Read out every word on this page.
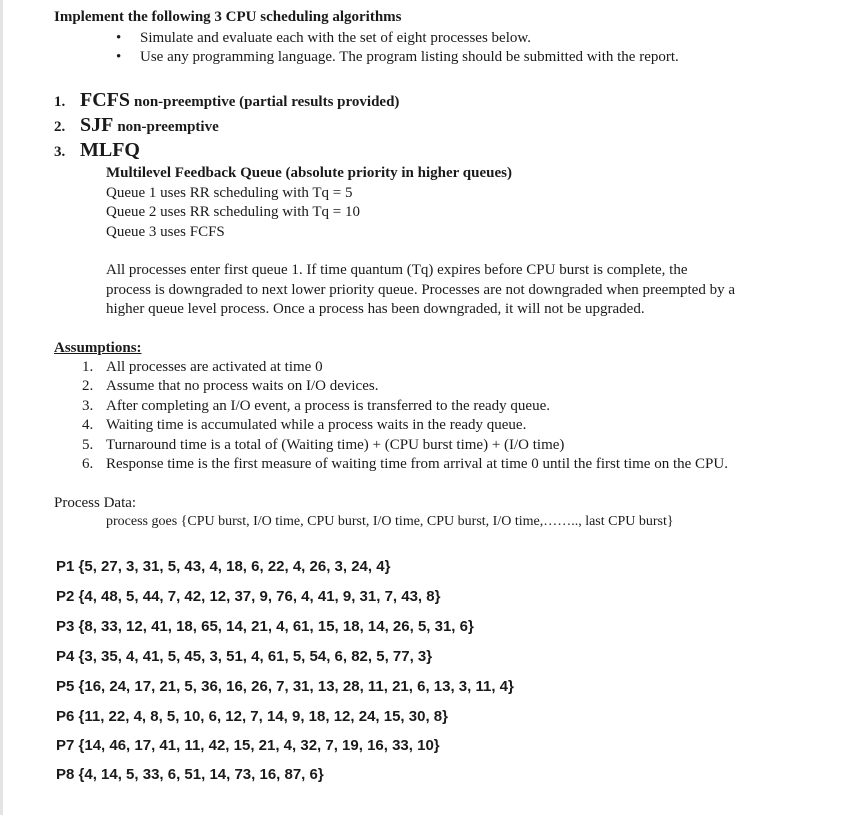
Implement the following 3 CPU scheduling algorithms
• Simulate and evaluate each with the set of eight processes below.
• Use any programming language. The program listing should be submitted with the report.
1. FCFS non-preemptive (partial results provided)
2. SJF non-preemptive
3. MLFQ
Multilevel Feedback Queue (absolute priority in higher queues)
Queue 1 uses RR scheduling with Tq = 5
Queue 2 uses RR scheduling with Tq = 10
Queue 3 uses FCFS
All processes enter first queue 1. If time quantum (Tq) expires before CPU burst is complete, the
process is downgraded to next lower priority queue. Processes are not downgraded when preempted by a
higher queue level process. Once a process has been downgraded, it will not be upgraded.
Assumptions:
1. All processes are activated at time 0
2. Assume that no process waits on I/O devices.
3. After completing an I/O event, a process is transferred to the ready queue.
4. Waiting time is accumulated while a process waits in the ready queue.
5. Turnaround time is a total of (Waiting time) + (CPU burst time) + (I/O time)
6. Response time is the first measure of waiting time from arrival at time 0 until the first time on the CPU.
Process Data:
process goes {CPU burst, I/O time, CPU burst, I/O time, CPU burst, I/O time,…….., last CPU burst}
P1 {5, 27, 3, 31, 5, 43, 4, 18, 6, 22, 4, 26, 3, 24, 4}
P2 {4, 48, 5, 44, 7, 42, 12, 37, 9, 76, 4, 41, 9, 31, 7, 43, 8}
P3 {8, 33, 12, 41, 18, 65, 14, 21, 4, 61, 15, 18, 14, 26, 5, 31, 6}
P4 {3, 35, 4, 41, 5, 45, 3, 51, 4, 61, 5, 54, 6, 82, 5, 77, 3}
P5 {16, 24, 17, 21, 5, 36, 16, 26, 7, 31, 13, 28, 11, 21, 6, 13, 3, 11, 4}
P6 {11, 22, 4, 8, 5, 10, 6, 12, 7, 14, 9, 18, 12, 24, 15, 30, 8}
P7 {14, 46, 17, 41, 11, 42, 15, 21, 4, 32, 7, 19, 16, 33, 10}
P8 {4, 14, 5, 33, 6, 51, 14, 73, 16, 87, 6}
